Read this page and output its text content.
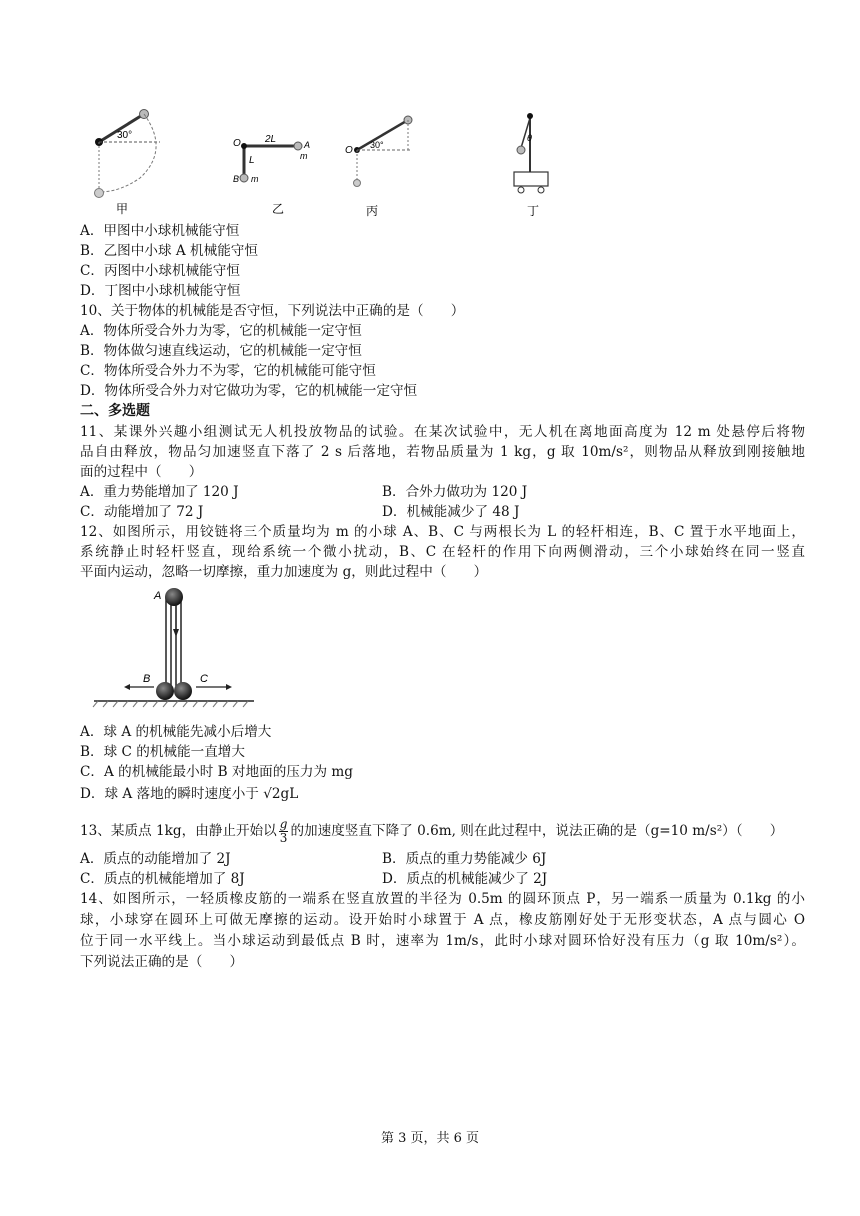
30°	2L
O	A
m
L
B m
O 30°
θ
甲	乙	丙	丁
A．甲图中小球机械能守恒
B．乙图中小球 A 机械能守恒
C．丙图中小球机械能守恒
D．丁图中小球机械能守恒
10、关于物体的机械能是否守恒，下列说法中正确的是（　　）
A．物体所受合外力为零，它的机械能一定守恒
B．物体做匀速直线运动，它的机械能一定守恒
C．物体所受合外力不为零，它的机械能可能守恒
D．物体所受合外力对它做功为零，它的机械能一定守恒
二、多选题
11、某课外兴趣小组测试无人机投放物品的试验。在某次试验中，无人机在离地面高度为 12 m 处悬停后将物
品自由释放，物品匀加速竖直下落了 2 s 后落地，若物品质量为 1 kg，g 取 10m/s²，则物品从释放到刚接触地
面的过程中（　　）
A．重力势能增加了 120 J	B．合外力做功为 120 J
C．动能增加了 72 J	D．机械能减少了 48 J
12、如图所示，用铰链将三个质量均为 m 的小球 A、B、C 与两根长为 L 的轻杆相连，B、C 置于水平地面上，
系统静止时轻杆竖直，现给系统一个微小扰动，B、C 在轻杆的作用下向两侧滑动，三个小球始终在同一竖直
平面内运动，忽略一切摩擦，重力加速度为 g，则此过程中（　　）
A
B	C
A．球 A 的机械能先减小后增大
B．球 C 的机械能一直增大
C．A 的机械能最小时 B 对地面的压力为 mg
D．球 A 落地的瞬时速度小于 √2gL
13、某质点 1kg，由静止开始以 $\frac{g}{3}$ 的加速度竖直下降了 0.6m, 则在此过程中，说法正确的是（g=10 m/s²）（　　）
A．质点的动能增加了 2J	B．质点的重力势能减少 6J
C．质点的机械能增加了 8J	D．质点的机械能减少了 2J
14、如图所示，一轻质橡皮筋的一端系在竖直放置的半径为 0.5m 的圆环顶点 P，另一端系一质量为 0.1kg 的小
球，小球穿在圆环上可做无摩擦的运动。设开始时小球置于 A 点，橡皮筋刚好处于无形变状态，A 点与圆心 O
位于同一水平线上。当小球运动到最低点 B 时，速率为 1m/s，此时小球对圆环恰好没有压力（g 取 10m/s²）。
下列说法正确的是（　　）
第 3 页，共 6 页
